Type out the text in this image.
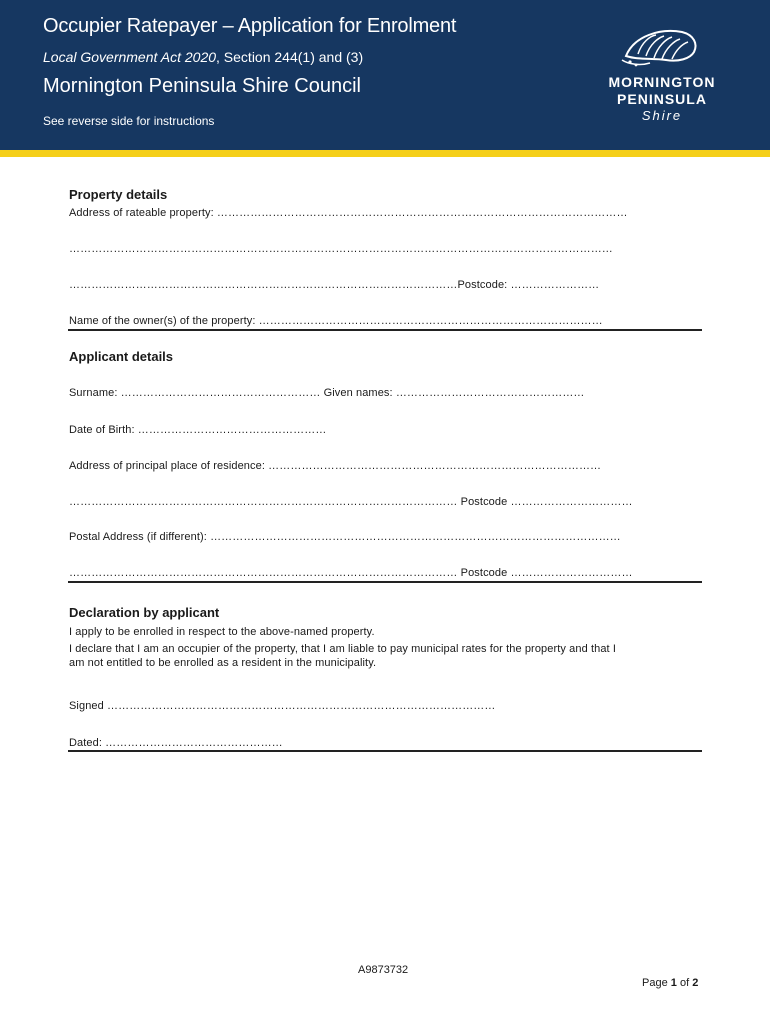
Occupier Ratepayer – Application for Enrolment
Local Government Act 2020, Section 244(1) and (3)
Mornington Peninsula Shire Council
See reverse side for instructions
MORNINGTON
PENINSULA
Shire
Property details
Address of rateable property: …………………………………………………………………………………………………
…………………………………………………………………………………………………………………………………
……………………………………………………………………………………………Postcode: ……………………
Name of the owner(s) of the property: …………………………………………………………………………………
Applicant details
Surname: ……………………………………………… Given names: ……………………………………………
Date of Birth: ……………………………………………
Address of principal place of residence: ………………………………………………………………………………
…………………………………………………………………………………………… Postcode ……………………………
Postal Address (if different): …………………………………………………………………………………………………
…………………………………………………………………………………………… Postcode ……………………………
Declaration by applicant
I apply to be enrolled in respect to the above-named property.
I declare that I am an occupier of the property, that I am liable to pay municipal rates for the property and that I
am not entitled to be enrolled as a resident in the municipality.
Signed ……………………………………………………………………………………………
Dated: …………………………………………
A9873732
Page 1 of 2
